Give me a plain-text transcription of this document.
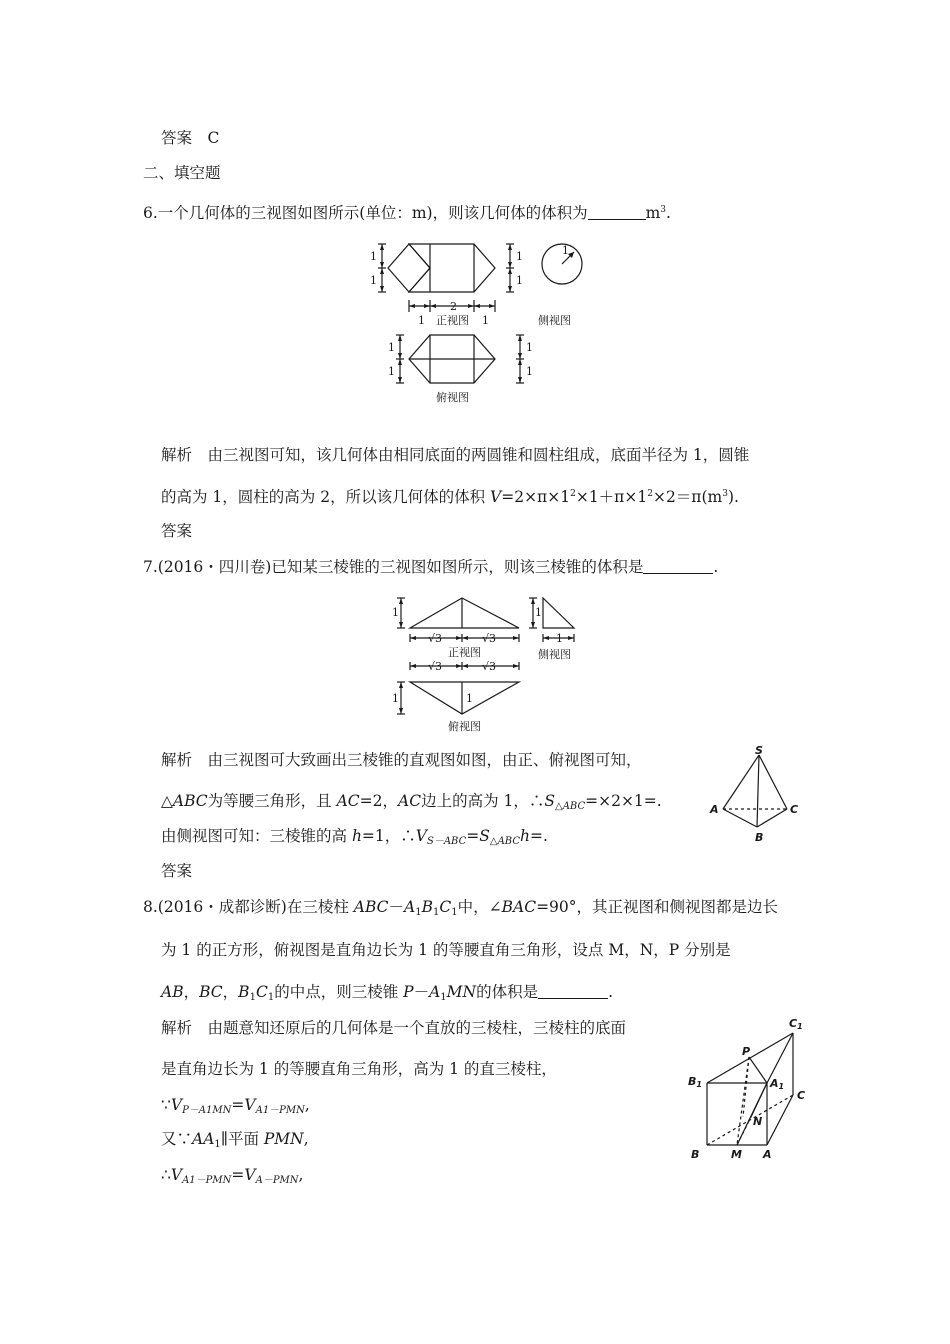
答案　C
二、填空题
6.一个几何体的三视图如图所示(单位：m)，则该几何体的体积为	$m^3$.
1
1
1
1
1
2
1
1
1
1
1
1
正视图	侧视图
俯视图
解析　由三视图可知，该几何体由相同底面的两圆锥和圆柱组成，底面半径为 1，圆锥
的高为 1，圆柱的高为 2，所以该几何体的体积 $V=2\times\pi\times 1^2\times 1+\pi\times 1^2\times 2=\pi(m^3)$.
答案
7.(2016・四川卷)已知某三棱锥的三视图如图所示，则该三棱锥的体积是	.
1
√3	√3
1
1
正视图	侧视图
√3	√3
1	1
俯视图
S
A
B
C
解析　由三视图可大致画出三棱锥的直观图如图，由正、俯视图可知，
△ABC为等腰三角形，且 AC=2，AC边上的高为 1，$\therefore S_{\triangle ABC}=\times 2\times 1=$.
由侧视图可知：三棱锥的高 h=1，$\therefore V_{S-ABC}=S_{\triangle ABC}h=$.
答案
8.(2016・成都诊断)在三棱柱 $ABC-A_1B_1C_1$中，∠BAC=90°，其正视图和侧视图都是边长
为 1 的正方形，俯视图是直角边长为 1 的等腰直角三角形，设点 M，N，P 分别是
AB，BC，$B_1C_1$的中点，则三棱锥 $P-A_1MN$的体积是	.
解析　由题意知还原后的几何体是一个直放的三棱柱，三棱柱的底面
是直角边长为 1 的等腰直角三角形，高为 1 的直三棱柱，
$\because V_{P-A1MN}=V_{A1-PMN}$,
又$\because AA_1\parallel$平面 PMN,
$\therefore V_{A1-PMN}=V_{A-PMN}$,
C1
P
B1	A1
C
N
B	M A
